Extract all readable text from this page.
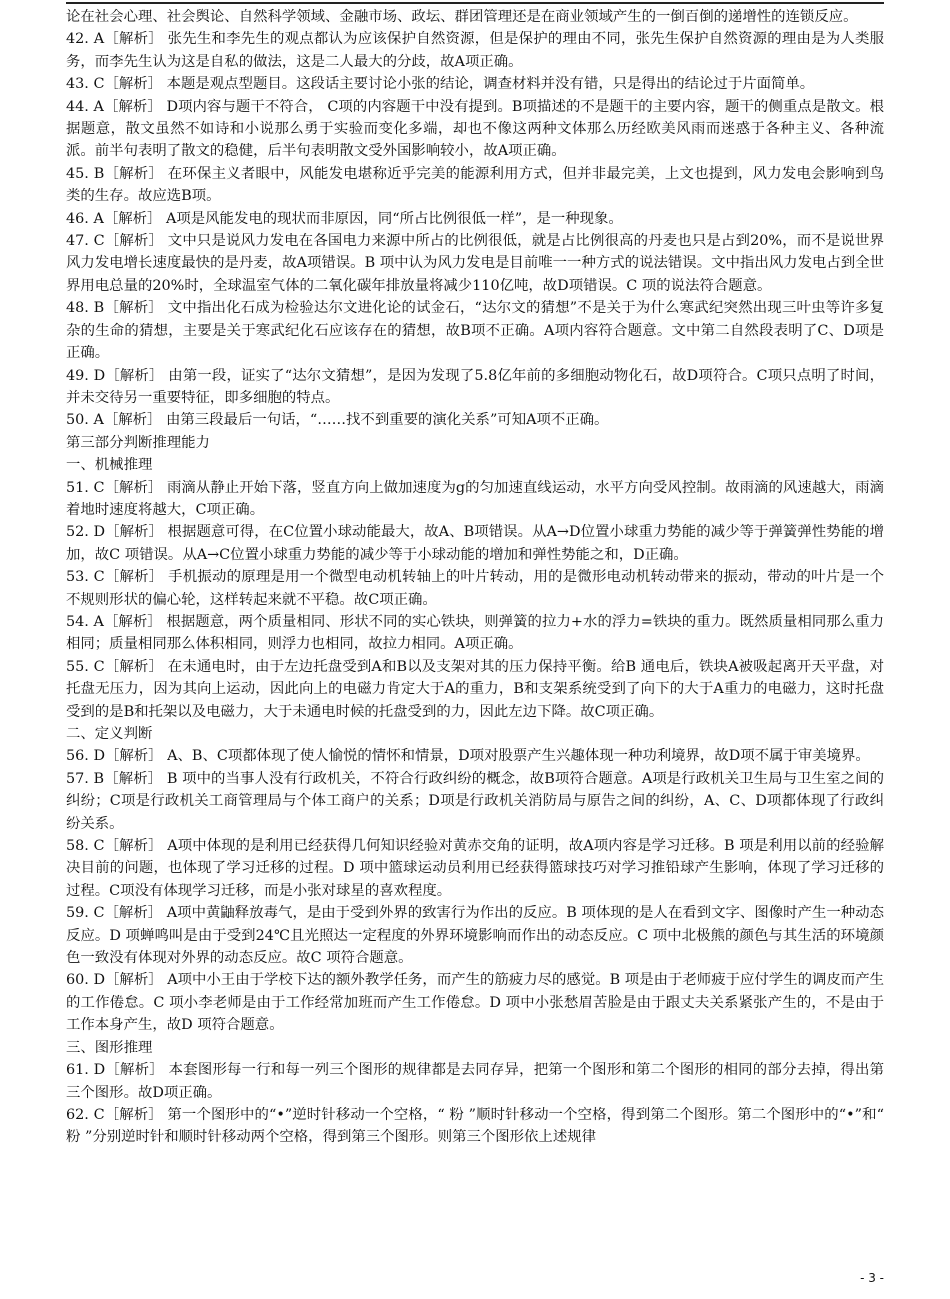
论在社会心理、社会舆论、自然科学领域、金融市场、政坛、群团管理还是在商业领域产生的一倒百倒的递增性的连锁反应。

42. A［解析］ 张先生和李先生的观点都认为应该保护自然资源，但是保护的理由不同，张先生保护自然资源的理由是为人类服务，而李先生认为这是自私的做法，这是二人最大的分歧，故A项正确。

43. C［解析］ 本题是观点型题目。这段话主要讨论小张的结论，调查材料并没有错，只是得出的结论过于片面简单。

44. A［解析］ D项内容与题干不符合， C项的内容题干中没有提到。B项描述的不是题干的主要内容，题干的侧重点是散文。根据题意，散文虽然不如诗和小说那么勇于实验而变化多端，却也不像这两种文体那么历经欧美风雨而迷惑于各种主义、各种流派。前半句表明了散文的稳健，后半句表明散文受外国影响较小，故A项正确。

45. B［解析］ 在环保主义者眼中，风能发电堪称近乎完美的能源利用方式，但并非最完美，上文也提到，风力发电会影响到鸟类的生存。故应选B项。

46. A［解析］ A项是风能发电的现状而非原因，同“所占比例很低一样”，是一种现象。

47. C［解析］ 文中只是说风力发电在各国电力来源中所占的比例很低，就是占比例很高的丹麦也只是占到20%，而不是说世界风力发电增长速度最快的是丹麦，故A项错误。B 项中认为风力发电是目前唯一一种方式的说法错误。文中指出风力发电占到全世界用电总量的20%时，全球温室气体的二氧化碳年排放量将减少110亿吨，故D项错误。C 项的说法符合题意。

48. B［解析］ 文中指出化石成为检验达尔文进化论的试金石，“达尔文的猜想”不是关于为什么寒武纪突然出现三叶虫等许多复杂的生命的猜想，主要是关于寒武纪化石应该存在的猜想，故B项不正确。A项内容符合题意。文中第二自然段表明了C、D项是正确。

49. D［解析］ 由第一段，证实了“达尔文猜想”，是因为发现了5.8亿年前的多细胞动物化石，故D项符合。C项只点明了时间，并未交待另一重要特征，即多细胞的特点。

50. A［解析］ 由第三段最后一句话，“……找不到重要的演化关系”可知A项不正确。

第三部分判断推理能力
一、机械推理

51. C［解析］ 雨滴从静止开始下落，竖直方向上做加速度为g的匀加速直线运动，水平方向受风控制。故雨滴的风速越大，雨滴着地时速度将越大，C项正确。

52. D［解析］ 根据题意可得，在C位置小球动能最大，故A、B项错误。从A→D位置小球重力势能的减少等于弹簧弹性势能的增加，故C 项错误。从A→C位置小球重力势能的减少等于小球动能的增加和弹性势能之和，D正确。

53. C［解析］ 手机振动的原理是用一个微型电动机转轴上的叶片转动，用的是微形电动机转动带来的振动，带动的叶片是一个不规则形状的偏心轮，这样转起来就不平稳。故C项正确。

54. A［解析］ 根据题意，两个质量相同、形状不同的实心铁块，则弹簧的拉力+水的浮力=铁块的重力。既然质量相同那么重力相同；质量相同那么体积相同，则浮力也相同，故拉力相同。A项正确。

55. C［解析］ 在未通电时，由于左边托盘受到A和B以及支架对其的压力保持平衡。给B 通电后，铁块A被吸起离开天平盘，对托盘无压力，因为其向上运动，因此向上的电磁力肯定大于A的重力，B和支架系统受到了向下的大于A重力的电磁力，这时托盘受到的是B和托架以及电磁力，大于未通电时候的托盘受到的力，因此左边下降。故C项正确。

二、定义判断

56. D［解析］ A、B、C项都体现了使人愉悦的情怀和情景，D项对股票产生兴趣体现一种功利境界，故D项不属于审美境界。

57. B［解析］ B 项中的当事人没有行政机关，不符合行政纠纷的概念，故B项符合题意。A项是行政机关卫生局与卫生室之间的纠纷；C项是行政机关工商管理局与个体工商户的关系；D项是行政机关消防局与原告之间的纠纷，A、C、D项都体现了行政纠纷关系。

58. C［解析］ A项中体现的是利用已经获得几何知识经验对黄赤交角的证明，故A项内容是学习迁移。B 项是利用以前的经验解决目前的问题，也体现了学习迁移的过程。D 项中篮球运动员利用已经获得篮球技巧对学习推铅球产生影响，体现了学习迁移的过程。C项没有体现学习迁移，而是小张对球星的喜欢程度。

59. C［解析］ A项中黄鼬释放毒气，是由于受到外界的致害行为作出的反应。B 项体现的是人在看到文字、图像时产生一种动态反应。D 项蝉鸣叫是由于受到24℃且光照达一定程度的外界环境影响而作出的动态反应。C 项中北极熊的颜色与其生活的环境颜色一致没有体现对外界的动态反应。故C 项符合题意。

60. D［解析］ A项中小王由于学校下达的额外教学任务，而产生的筋疲力尽的感觉。B 项是由于老师疲于应付学生的调皮而产生的工作倦怠。C 项小李老师是由于工作经常加班而产生工作倦怠。D 项中小张愁眉苦脸是由于跟丈夫关系紧张产生的，不是由于工作本身产生，故D 项符合题意。

三、图形推理

61. D［解析］ 本套图形每一行和每一列三个图形的规律都是去同存异，把第一个图形和第二个图形的相同的部分去掉，得出第三个图形。故D项正确。

62. C［解析］ 第一个图形中的“•”逆时针移动一个空格，“ 粉 ”顺时针移动一个空格，得到第二个图形。第二个图形中的“•”和“ 粉 ”分别逆时针和顺时针移动两个空格，得到第三个图形。则第三个图形依上述规律

- 3 -
